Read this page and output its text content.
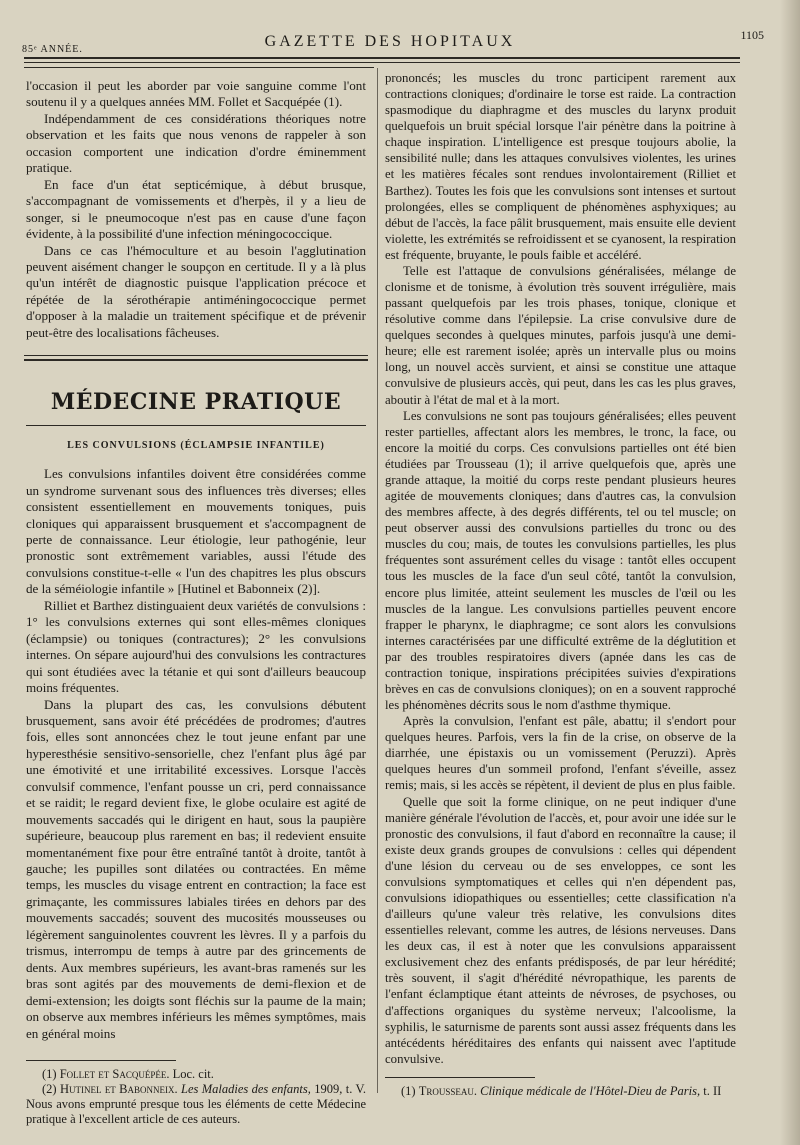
85ᵉ ANNÉE.	GAZETTE DES HOPITAUX	1105

l'occasion il peut les aborder par voie sanguine comme l'ont soutenu il y a quelques années MM. Follet et Sacquépée (1).

Indépendamment de ces considérations théoriques notre observation et les faits que nous venons de rappeler à son occasion comportent une indication d'ordre éminemment pratique.

En face d'un état septicémique, à début brusque, s'accompagnant de vomissements et d'herpès, il y a lieu de songer, si le pneumocoque n'est pas en cause d'une façon évidente, à la possibilité d'une infection méningococcique.

Dans ce cas l'hémoculture et au besoin l'agglutination peuvent aisément changer le soupçon en certitude. Il y a là plus qu'un intérêt de diagnostic puisque l'application précoce et répétée de la sérothérapie antiméningococcique permet d'opposer à la maladie un traitement spécifique et de prévenir peut-être des localisations fâcheuses.

MÉDECINE PRATIQUE
LES CONVULSIONS (ÉCLAMPSIE INFANTILE)

Les convulsions infantiles doivent être considérées comme un syndrome survenant sous des influences très diverses; elles consistent essentiellement en mouvements toniques, puis cloniques qui apparaissent brusquement et s'accompagnent de perte de connaissance. Leur étiologie, leur pathogénie, leur pronostic sont extrêmement variables, aussi l'étude des convulsions constitue-t-elle « l'un des chapitres les plus obscurs de la séméiologie infantile » [Hutinel et Babonneix (2)].

Rilliet et Barthez distinguaient deux variétés de convulsions : 1° les convulsions externes qui sont elles-mêmes cloniques (éclampsie) ou toniques (contractures); 2° les convulsions internes. On sépare aujourd'hui des convulsions les contractures qui sont étudiées avec la tétanie et qui sont d'ailleurs beaucoup moins fréquentes.

Dans la plupart des cas, les convulsions débutent brusquement, sans avoir été précédées de prodromes; d'autres fois, elles sont annoncées chez le tout jeune enfant par une hyperesthésie sensitivo-sensorielle, chez l'enfant plus âgé par une émotivité et une irritabilité excessives. Lorsque l'accès convulsif commence, l'enfant pousse un cri, perd connaissance et se raidit; le regard devient fixe, le globe oculaire est agité de mouvements saccadés qui le dirigent en haut, sous la paupière supérieure, beaucoup plus rarement en bas; il redevient ensuite momentanément fixe pour être entraîné tantôt à droite, tantôt à gauche; les pupilles sont dilatées ou contractées. En même temps, les muscles du visage entrent en contraction; la face est grimaçante, les commissures labiales tirées en dehors par des mouvements saccadés; souvent des mucosités mousseuses ou légèrement sanguinolentes couvrent les lèvres. Il y a parfois du trismus, interrompu de temps à autre par des grincements de dents. Aux membres supérieurs, les avant-bras ramenés sur les bras sont agités par des mouvements de demi-flexion et de demi-extension; les doigts sont fléchis sur la paume de la main; on observe aux membres inférieurs les mêmes symptômes, mais en général moins

(1) Follet et Sacquépée. Loc. cit.

(2) Hutinel et Babonneix. Les Maladies des enfants, 1909, t. V. Nous avons emprunté presque tous les éléments de cette Médecine pratique à l'excellent article de ces auteurs.

prononcés; les muscles du tronc participent rarement aux contractions cloniques; d'ordinaire le torse est raide. La contraction spasmodique du diaphragme et des muscles du larynx produit quelquefois un bruit spécial lorsque l'air pénètre dans la poitrine à chaque inspiration. L'intelligence est presque toujours abolie, la sensibilité nulle; dans les attaques convulsives violentes, les urines et les matières fécales sont rendues involontairement (Rilliet et Barthez). Toutes les fois que les convulsions sont intenses et surtout prolongées, elles se compliquent de phénomènes asphyxiques; au début de l'accès, la face pâlit brusquement, mais ensuite elle devient violette, les extrémités se refroidissent et se cyanosent, la respiration est fréquente, bruyante, le pouls faible et accéléré.

Telle est l'attaque de convulsions généralisées, mélange de clonisme et de tonisme, à évolution très souvent irrégulière, mais passant quelquefois par les trois phases, tonique, clonique et résolutive comme dans l'épilepsie. La crise convulsive dure de quelques secondes à quelques minutes, parfois jusqu'à une demi-heure; elle est rarement isolée; après un intervalle plus ou moins long, un nouvel accès survient, et ainsi se constitue une attaque convulsive de plusieurs accès, qui peut, dans les cas les plus graves, aboutir à l'état de mal et à la mort.

Les convulsions ne sont pas toujours généralisées; elles peuvent rester partielles, affectant alors les membres, le tronc, la face, ou encore la moitié du corps. Ces convulsions partielles ont été bien étudiées par Trousseau (1); il arrive quelquefois que, après une grande attaque, la moitié du corps reste pendant plusieurs heures agitée de mouvements cloniques; dans d'autres cas, la convulsion des membres affecte, à des degrés différents, tel ou tel muscle; on peut observer aussi des convulsions partielles du tronc ou des muscles du cou; mais, de toutes les convulsions partielles, les plus fréquentes sont assurément celles du visage : tantôt elles occupent tous les muscles de la face d'un seul côté, tantôt la convulsion, encore plus limitée, atteint seulement les muscles de l'œil ou les muscles de la langue. Les convulsions partielles peuvent encore frapper le pharynx, le diaphragme; ce sont alors les convulsions internes caractérisées par une difficulté extrême de la déglutition et par des troubles respiratoires divers (apnée dans les cas de contraction tonique, inspirations précipitées suivies d'expirations brèves en cas de convulsions cloniques); on en a souvent rapproché les phénomènes décrits sous le nom d'asthme thymique.

Après la convulsion, l'enfant est pâle, abattu; il s'endort pour quelques heures. Parfois, vers la fin de la crise, on observe de la diarrhée, une épistaxis ou un vomissement (Peruzzi). Après quelques heures d'un sommeil profond, l'enfant s'éveille, assez remis; mais, si les accès se répètent, il devient de plus en plus faible.

Quelle que soit la forme clinique, on ne peut indiquer d'une manière générale l'évolution de l'accès, et, pour avoir une idée sur le pronostic des convulsions, il faut d'abord en reconnaître la cause; il existe deux grands groupes de convulsions : celles qui dépendent d'une lésion du cerveau ou de ses enveloppes, ce sont les convulsions symptomatiques et celles qui n'en dépendent pas, convulsions idiopathiques ou essentielles; cette classification n'a d'ailleurs qu'une valeur très relative, les convulsions dites essentielles relevant, comme les autres, de lésions nerveuses. Dans les deux cas, il est à noter que les convulsions apparaissent exclusivement chez des enfants prédisposés, de par leur hérédité; très souvent, il s'agit d'hérédité névropathique, les parents de l'enfant éclamptique étant atteints de névroses, de psychoses, ou d'affections organiques du système nerveux; l'alcoolisme, la syphilis, le saturnisme de parents sont aussi assez fréquents dans les antécédents héréditaires des enfants qui naissent avec l'aptitude convulsive.

(1) Trousseau. Clinique médicale de l'Hôtel-Dieu de Paris, t. II
